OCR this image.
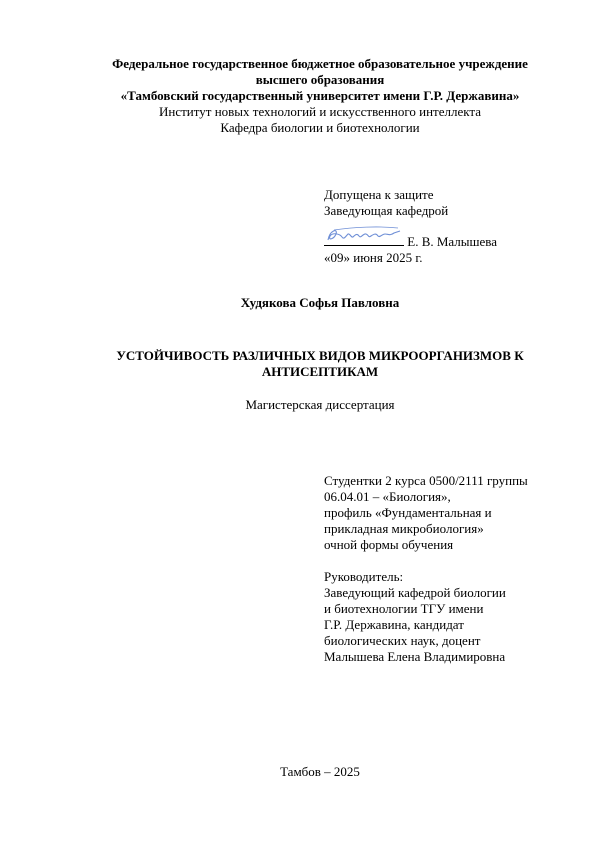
Федеральное государственное бюджетное образовательное учреждение
высшего образования
«Тамбовский государственный университет имени Г.Р. Державина»
Институт новых технологий и искусственного интеллекта
Кафедра биологии и биотехнологии
Допущена к защите
Заведующая кафедрой
Е. В. Малышева
«09» июня 2025 г.
Худякова Софья Павловна
УСТОЙЧИВОСТЬ РАЗЛИЧНЫХ ВИДОВ МИКРООРГАНИЗМОВ К
АНТИСЕПТИКАМ
Магистерская диссертация
Студентки 2 курса 0500/2111 группы
06.04.01 – «Биология»,
профиль «Фундаментальная и
прикладная микробиология»
очной формы обучения
Руководитель:
Заведующий кафедрой биологии
и биотехнологии ТГУ имени
Г.Р. Державина, кандидат
биологических наук, доцент
Малышева Елена Владимировна
Тамбов – 2025
